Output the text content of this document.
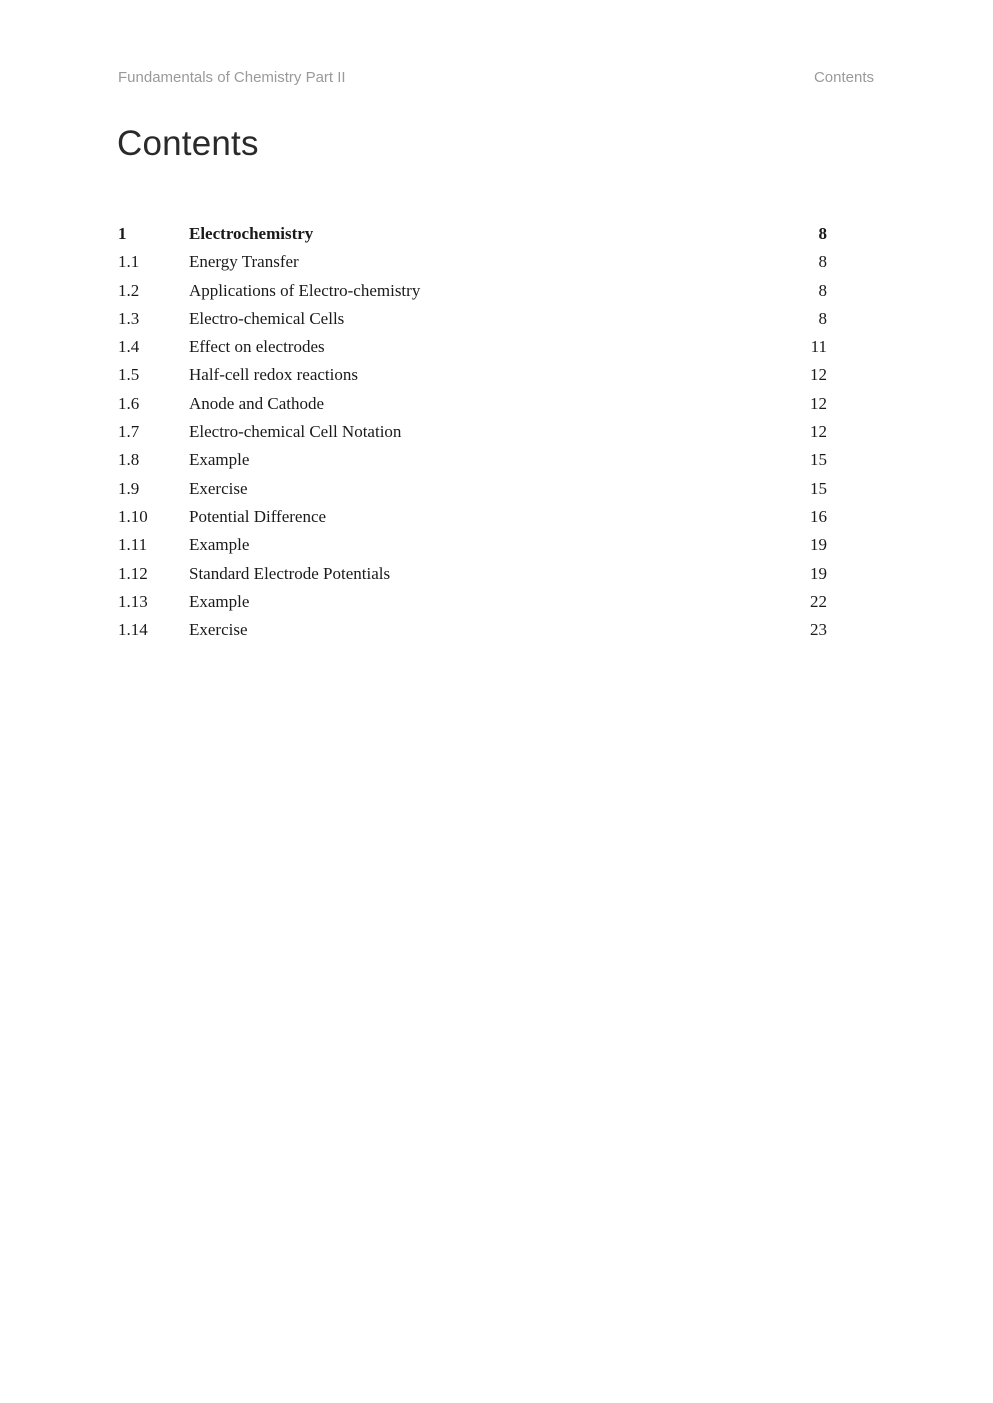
Fundamentals of Chemistry Part II	Contents
Contents
1	Electrochemistry	8
1.1	Energy Transfer	8
1.2	Applications of Electro-chemistry	8
1.3	Electro-chemical Cells	8
1.4	Effect on electrodes	11
1.5	Half-cell redox reactions	12
1.6	Anode and Cathode	12
1.7	Electro-chemical Cell Notation	12
1.8	Example	15
1.9	Exercise	15
1.10 Potential Difference	16
1.11 Example	19
1.12 Standard Electrode Potentials	19
1.13 Example	22
1.14 Exercise	23
